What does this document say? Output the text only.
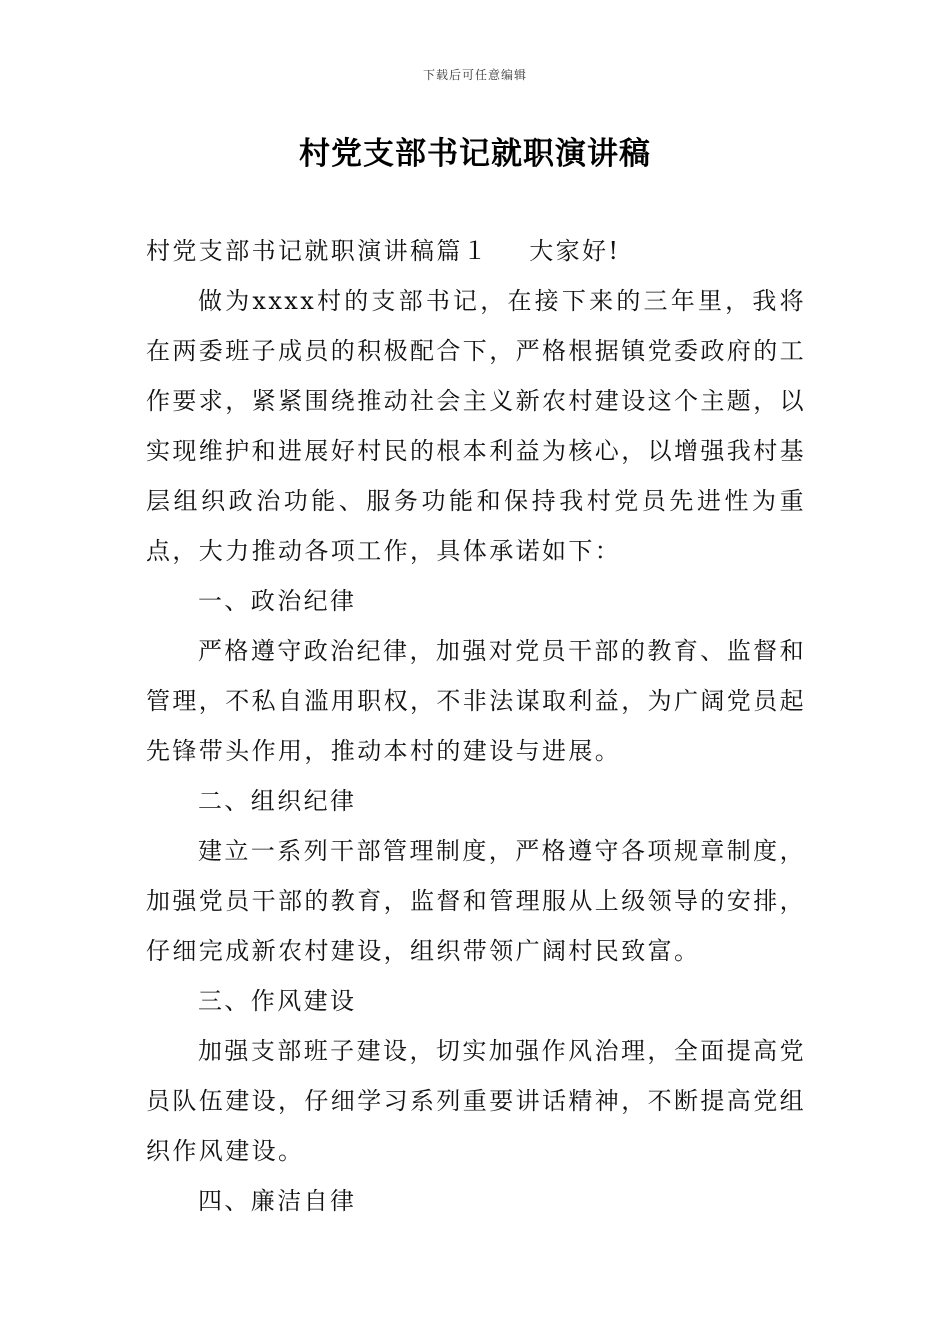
下载后可任意编辑
村党支部书记就职演讲稿

村党支部书记就职演讲稿篇１ 大家好!

做为xxxx村的支部书记，在接下来的三年里，我将在两委班子成员的积极配合下，严格根据镇党委政府的工作要求，紧紧围绕推动社会主义新农村建设这个主题，以实现维护和进展好村民的根本利益为核心，以增强我村基层组织政治功能、服务功能和保持我村党员先进性为重点，大力推动各项工作，具体承诺如下：

一、政治纪律

严格遵守政治纪律，加强对党员干部的教育、监督和管理，不私自滥用职权，不非法谋取利益，为广阔党员起先锋带头作用，推动本村的建设与进展。

二、组织纪律

建立一系列干部管理制度，严格遵守各项规章制度，加强党员干部的教育，监督和管理服从上级领导的安排，仔细完成新农村建设，组织带领广阔村民致富。

三、作风建设

加强支部班子建设，切实加强作风治理，全面提高党员队伍建设，仔细学习系列重要讲话精神，不断提高党组织作风建设。

四、廉洁自律
